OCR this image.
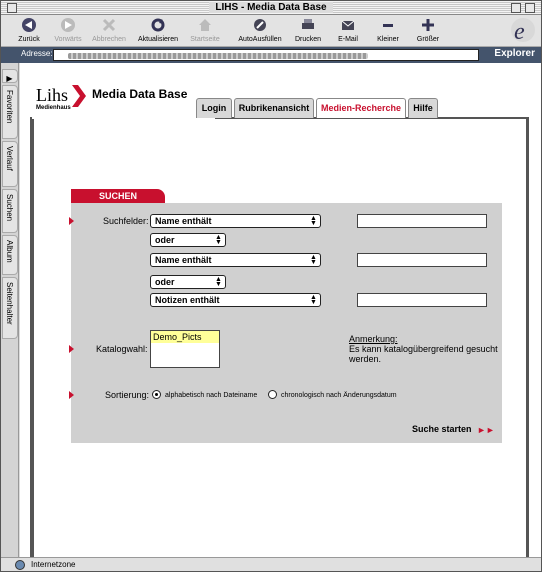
LIHS - Media Data Base
Zurück	Vorwärts	Abbrechen	Aktualisieren	Startseite	AutoAusfüllen	Drucken	E-Mail	Kleiner	Größer	e
Adresse:	Explorer
▶
Favoriten
Verlauf
Suchen
Album
Seitenhalter
Lihs
Medienhaus
Media Data Base
Login	Rubrikenansicht	Medien-Recherche	Hilfe
SUCHEN
Suchfelder: Name enthält	▲
▼
oder	▲
▼
Name enthält	▲
▼
oder	▲
▼
Notizen enthält	▲
▼
Katalogwahl:
Demo_Picts	Anmerkung:
Es kann katalogübergreifend gesucht werden.
Sortierung: alphabetisch nach Dateiname	chronologisch nach Änderungsdatum
Suche starten ►►
Internetzone
